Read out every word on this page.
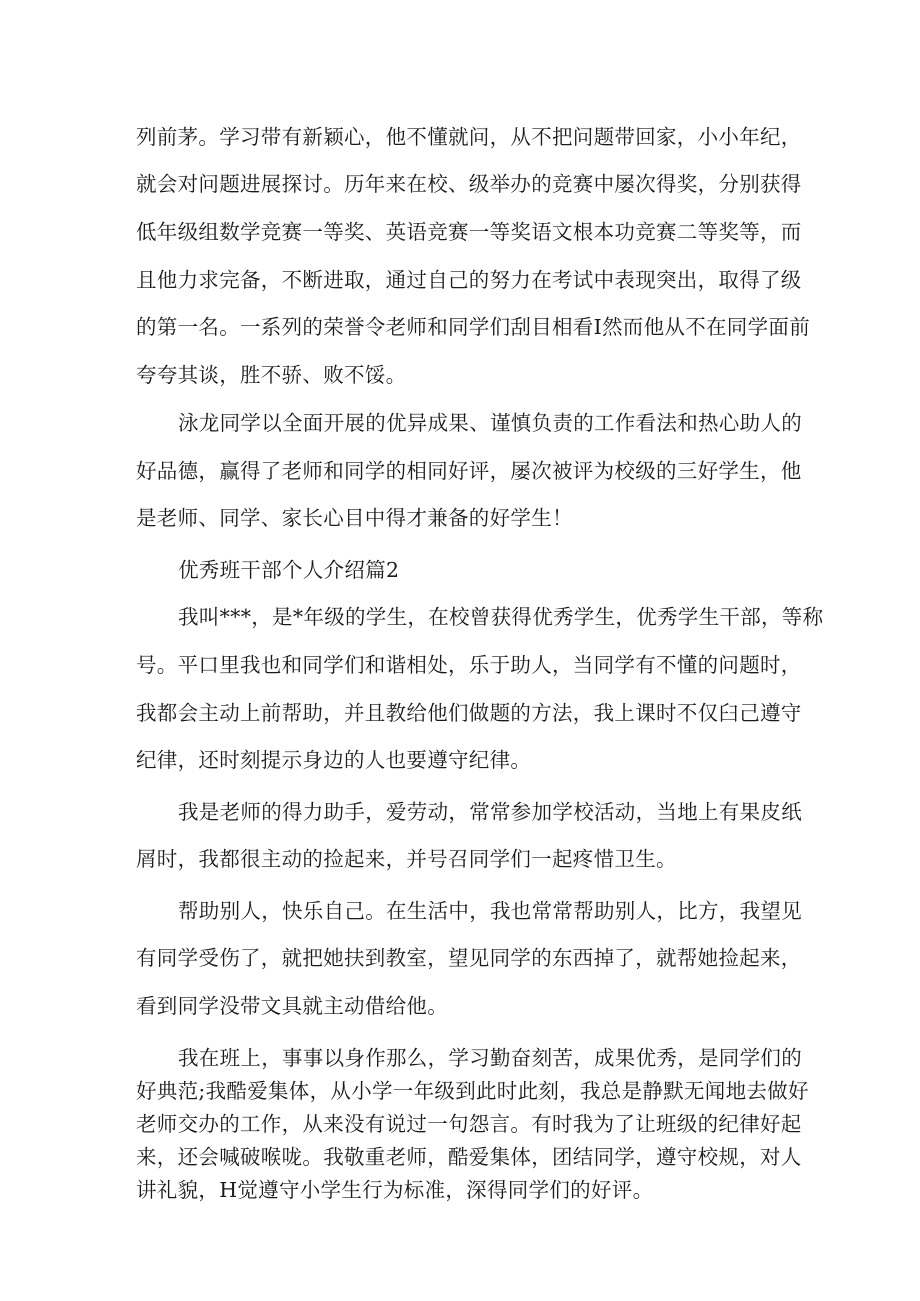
列前茅。学习带有新颖心，他不懂就问，从不把问题带回家，小小年纪，
就会对问题进展探讨。历年来在校、级举办的竞赛中屡次得奖，分别获得
低年级组数学竞赛一等奖、英语竞赛一等奖语文根本功竞赛二等奖等，而
且他力求完备，不断进取，通过自己的努力在考试中表现突出，取得了级
的第一名。一系列的荣誉令老师和同学们刮目相看I然而他从不在同学面前
夸夸其谈，胜不骄、败不馁。
泳龙同学以全面开展的优异成果、谨慎负责的工作看法和热心助人的
好品德，赢得了老师和同学的相同好评，屡次被评为校级的三好学生，他
是老师、同学、家长心目中得才兼备的好学生！
优秀班干部个人介绍篇2
我叫***，是*年级的学生，在校曾获得优秀学生，优秀学生干部，等称
号。平口里我也和同学们和谐相处，乐于助人，当同学有不懂的问题时，
我都会主动上前帮助，并且教给他们做题的方法，我上课时不仅臼己遵守
纪律，还时刻提示身边的人也要遵守纪律。
我是老师的得力助手，爱劳动，常常参加学校活动，当地上有果皮纸
屑时，我都很主动的捡起来，并号召同学们一起疼惜卫生。
帮助别人，快乐自己。在生活中，我也常常帮助别人，比方，我望见
有同学受伤了，就把她扶到教室，望见同学的东西掉了，就帮她捡起来，
看到同学没带文具就主动借给他。
我在班上，事事以身作那么，学习勤奋刻苦，成果优秀，是同学们的
好典范;我酷爱集体，从小学一年级到此时此刻，我总是静默无闻地去做好
老师交办的工作，从来没有说过一句怨言。有时我为了让班级的纪律好起
来，还会喊破喉咙。我敬重老师，酷爱集体，团结同学，遵守校规，对人
讲礼貌，H觉遵守小学生行为标准，深得同学们的好评。
